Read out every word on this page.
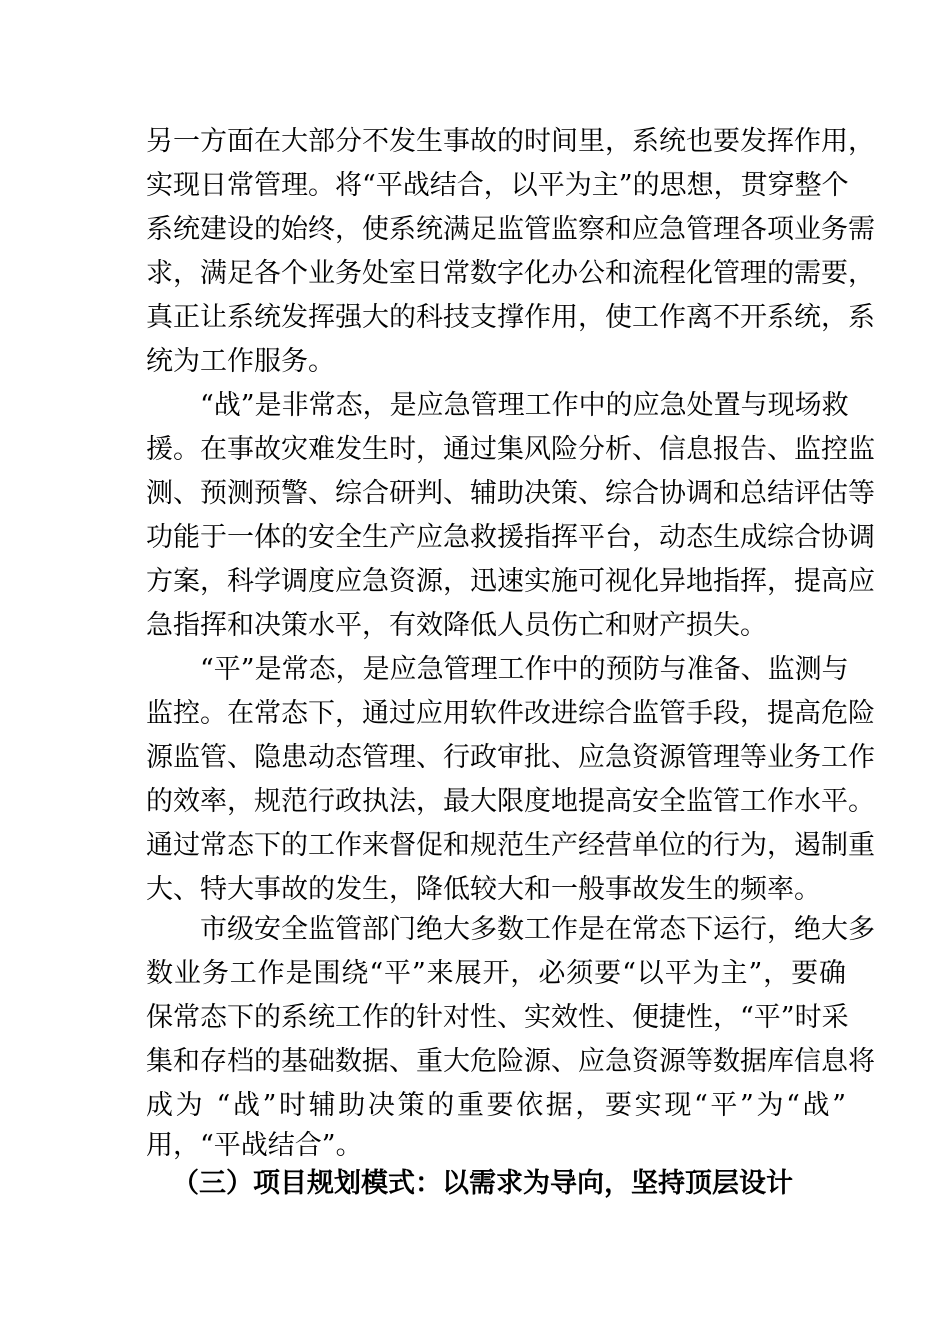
另一方面在大部分不发生事故的时间里，系统也要发挥作用，
实现日常管理。将“平战结合，以平为主”的思想，贯穿整个
系统建设的始终，使系统满足监管监察和应急管理各项业务需
求，满足各个业务处室日常数字化办公和流程化管理的需要，
真正让系统发挥强大的科技支撑作用，使工作离不开系统，系
统为工作服务。
“战”是非常态，是应急管理工作中的应急处置与现场救
援。在事故灾难发生时，通过集风险分析、信息报告、监控监
测、预测预警、综合研判、辅助决策、综合协调和总结评估等
功能于一体的安全生产应急救援指挥平台，动态生成综合协调
方案，科学调度应急资源，迅速实施可视化异地指挥，提高应
急指挥和决策水平，有效降低人员伤亡和财产损失。
“平”是常态，是应急管理工作中的预防与准备、监测与
监控。在常态下，通过应用软件改进综合监管手段，提高危险
源监管、隐患动态管理、行政审批、应急资源管理等业务工作
的效率，规范行政执法，最大限度地提高安全监管工作水平。
通过常态下的工作来督促和规范生产经营单位的行为，遏制重
大、特大事故的发生，降低较大和一般事故发生的频率。
市级安全监管部门绝大多数工作是在常态下运行，绝大多
数业务工作是围绕“平”来展开，必须要“以平为主”，要确
保常态下的系统工作的针对性、实效性、便捷性，“平”时采
集和存档的基础数据、重大危险源、应急资源等数据库信息将
成为 “战”时辅助决策的重要依据，要实现“平”为“战”
用，“平战结合”。
（三）项目规划模式：以需求为导向，坚持顶层设计
